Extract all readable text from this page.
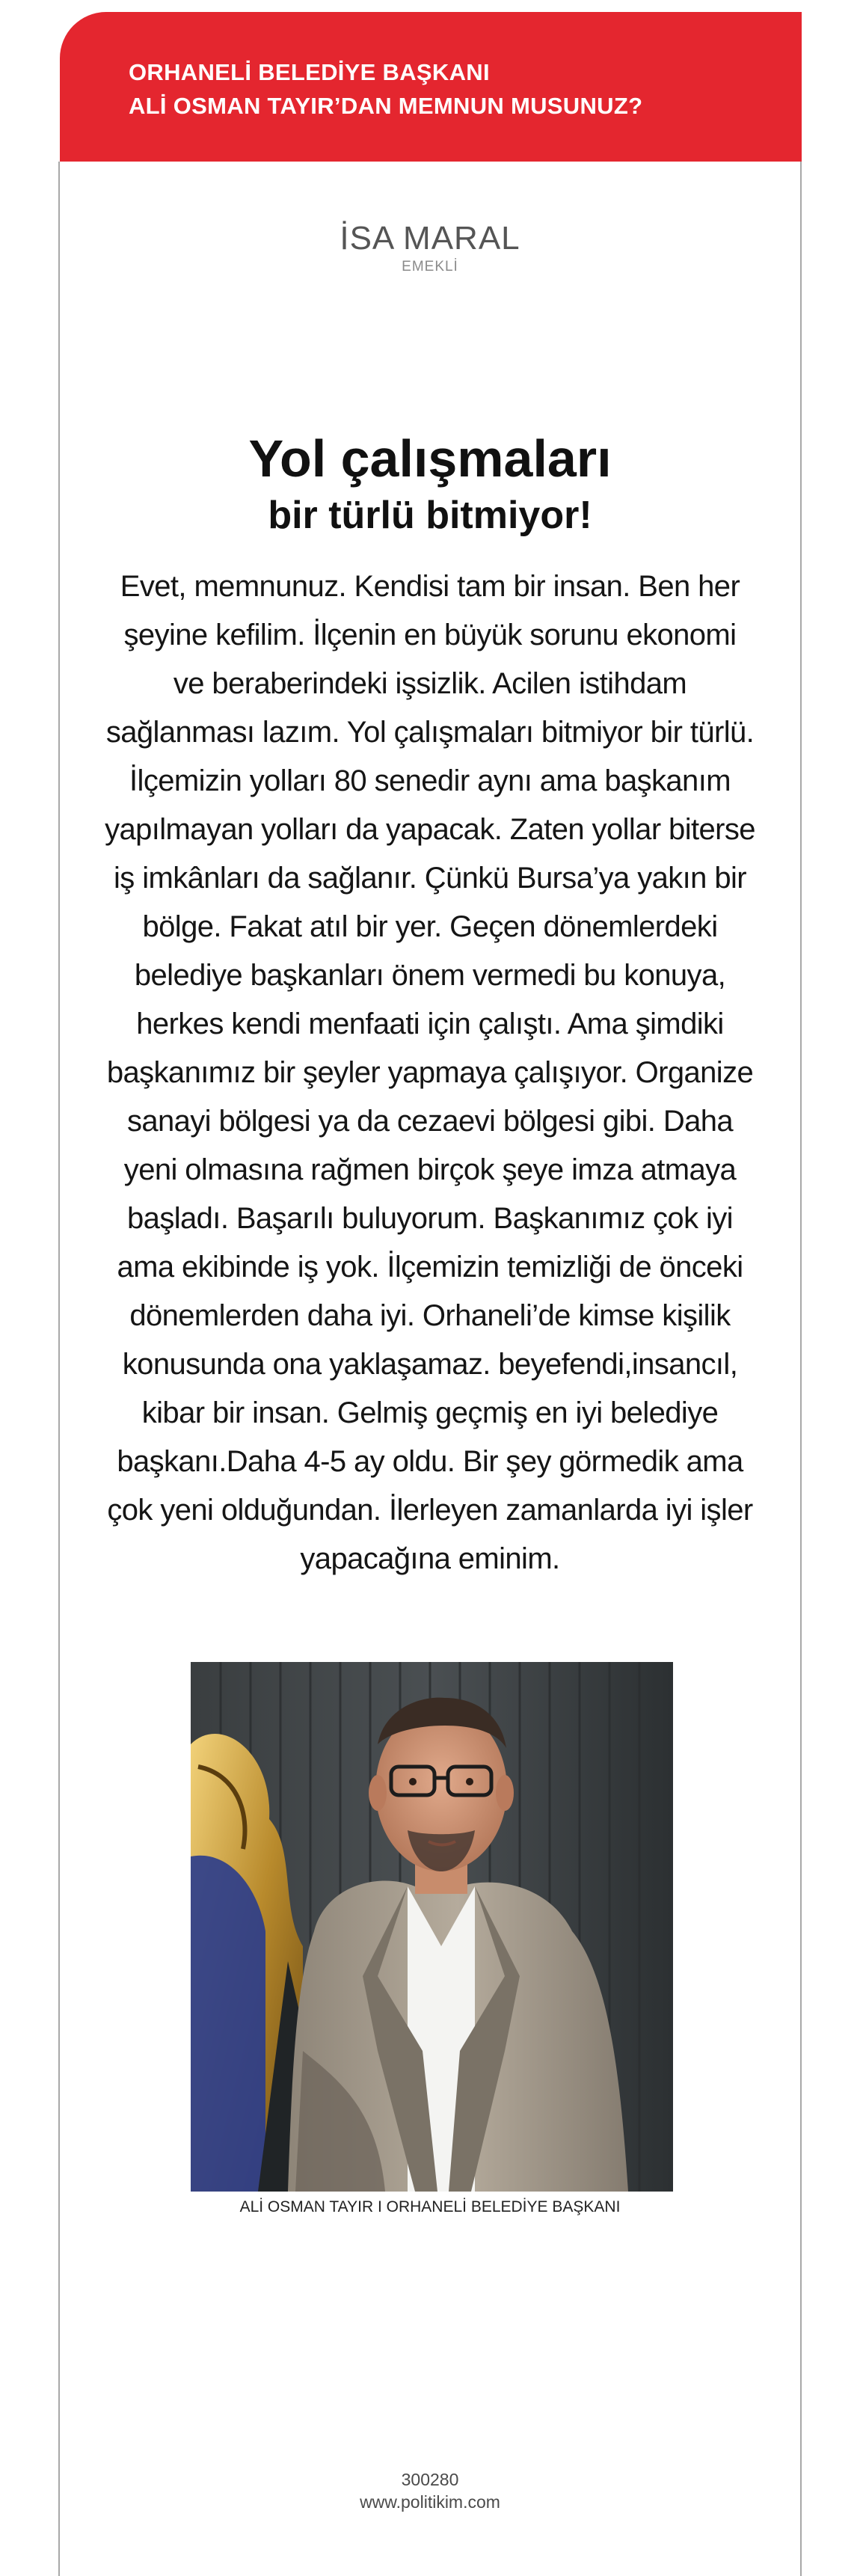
ORHANELİ BELEDİYE BAŞKANI
ALİ OSMAN TAYIR’DAN MEMNUN MUSUNUZ?
İSA MARAL
EMEKLİ
Yol çalışmaları
bir türlü bitmiyor!

Evet, memnunuz. Kendisi tam bir insan. Ben her şeyine kefilim. İlçenin en büyük sorunu ekonomi ve beraberindeki işsizlik. Acilen istihdam sağlanması lazım. Yol çalışmaları bitmiyor bir türlü. İlçemizin yolları 80 senedir aynı ama başkanım yapılmayan yolları da yapacak. Zaten yollar biterse iş imkânları da sağlanır. Çünkü Bursa’ya yakın bir bölge. Fakat atıl bir yer. Geçen dönemlerdeki belediye başkanları önem vermedi bu konuya, herkes kendi menfaati için çalıştı. Ama şimdiki başkanımız bir şeyler yapmaya çalışıyor. Organize sanayi bölgesi ya da cezaevi bölgesi gibi. Daha yeni olmasına rağmen birçok şeye imza atmaya başladı. Başarılı buluyorum. Başkanımız çok iyi ama ekibinde iş yok. İlçemizin temizliği de önceki dönemlerden daha iyi. Orhaneli’de kimse kişilik konusunda ona yaklaşamaz. beyefendi,insancıl, kibar bir insan. Gelmiş geçmiş en iyi belediye başkanı.Daha 4-5 ay oldu. Bir şey görmedik ama çok yeni olduğundan. İlerleyen zamanlarda iyi işler yapacağına eminim.

ALİ OSMAN TAYIR I ORHANELİ BELEDİYE BAŞKANI
300280
www.politikim.com
